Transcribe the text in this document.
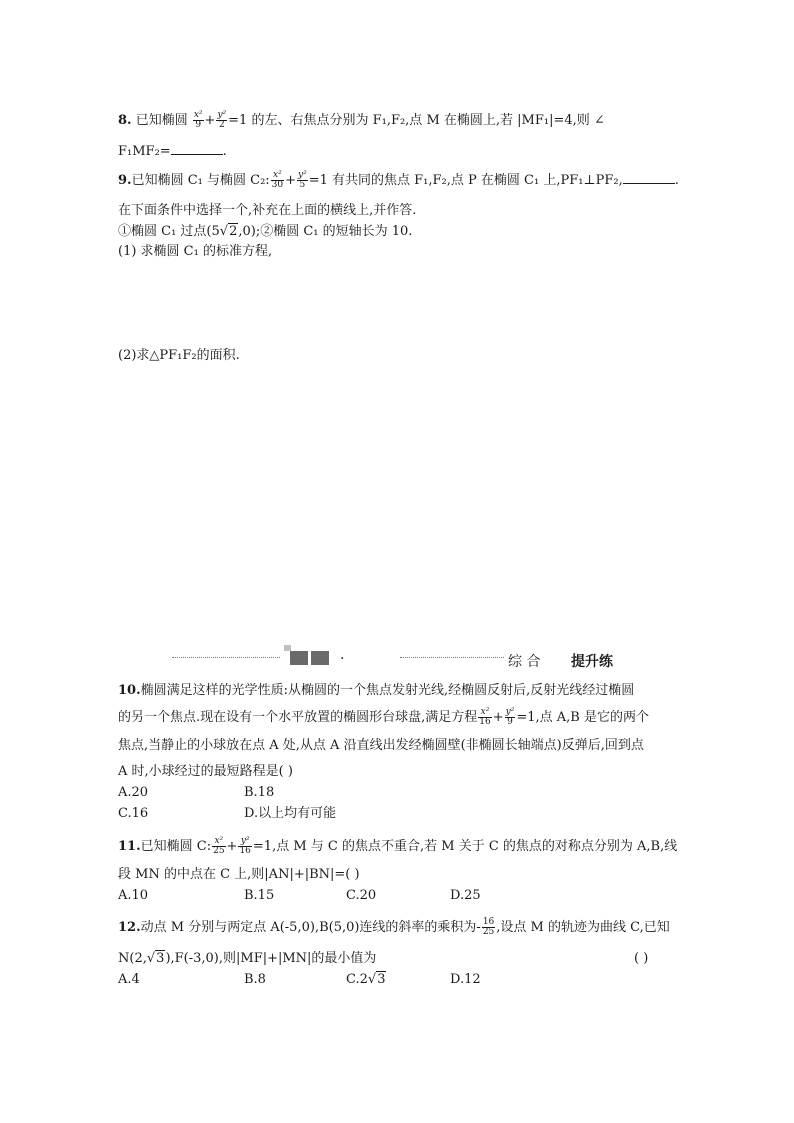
8. 已知椭圆 $\frac{\text{x²}}{9} + \frac{\text{y²}}{2} =1$ 的左、右焦点分别为 F₁,F₂,点 M 在椭圆上,若 |MF₁|=4,则 ∠
F₁MF₂=	.
9.已知椭圆 C₁ 与椭圆 C₂: $\frac{\text{x²}}{30} + \frac{\text{y²}}{5} =1$ 有共同的焦点 F₁,F₂,点 P 在椭圆 C₁ 上,PF₁⊥PF₂,	.
在下面条件中选择一个,补充在上面的横线上,并作答.
①椭圆 C₁ 过点(5√2,0);②椭圆 C₁ 的短轴长为 10.
(1) 求椭圆 C₁ 的标准方程,
(2)求△PF₁F₂的面积.
·	综 合 提升练
10.椭圆满足这样的光学性质:从椭圆的一个焦点发射光线,经椭圆反射后,反射光线经过椭圆
的另一个焦点.现在设有一个水平放置的椭圆形台球盘,满足方程 $\frac{\text{x²}}{16} + \frac{\text{y²}}{9} =1$,点 A,B 是它的两个
焦点,当静止的小球放在点 A 处,从点 A 沿直线出发经椭圆壁(非椭圆长轴端点)反弹后,回到点
A 时,小球经过的最短路程是( )
A.20	B.18
C.16	D.以上均有可能
11.已知椭圆 C: $\frac{\text{x²}}{25} + \frac{\text{y²}}{16} =1$,点 M 与 C 的焦点不重合,若 M 关于 C 的焦点的对称点分别为 A,B,线
段 MN 的中点在 C 上,则|AN|+|BN|=( )
A.10	B.15	C.20	D.25
12.动点 M 分别与两定点 A(-5,0),B(5,0)连线的斜率的乘积为- $\frac{16}{25}$ ,设点 M 的轨迹为曲线 C,已知
N(2,√3),F(-3,0),则|MF|+|MN|的最小值为	( )
A.4	B.8	C.2√3	D.12
